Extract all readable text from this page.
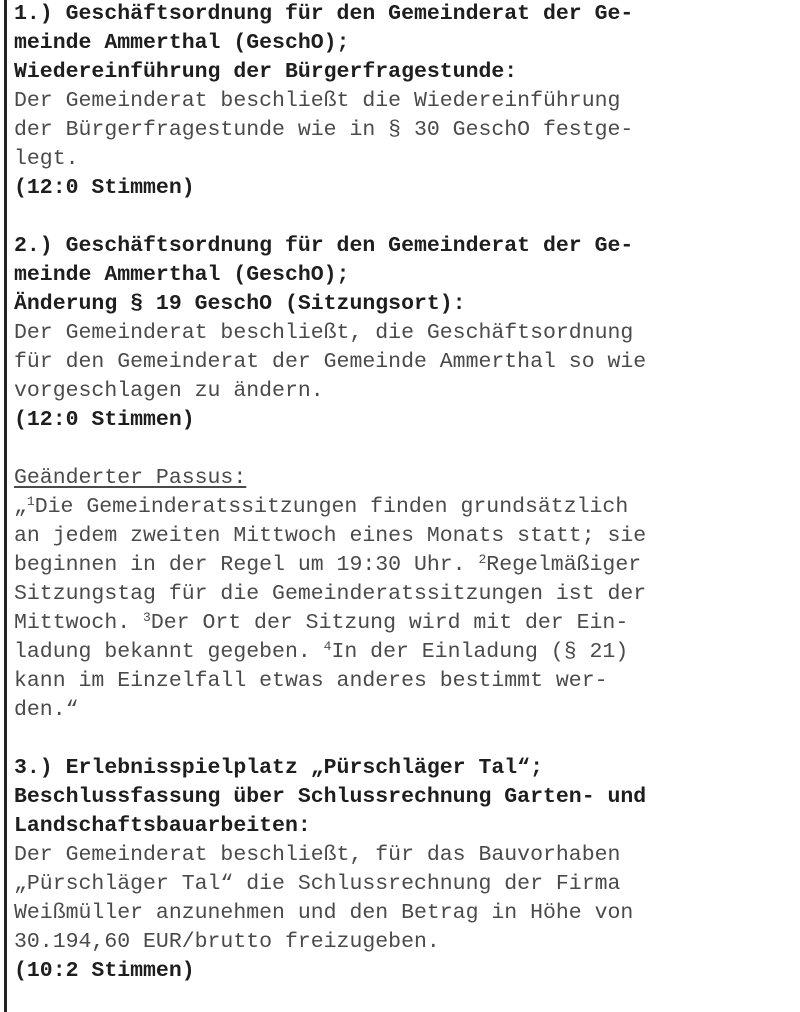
1.) Geschäftsordnung für den Gemeinderat der Ge-
meinde Ammerthal (GeschO);
Wiedereinführung der Bürgerfragestunde:
Der Gemeinderat beschließt die Wiedereinführung
der Bürgerfragestunde wie in § 30 GeschO festge-
legt.
(12:0 Stimmen)
2.) Geschäftsordnung für den Gemeinderat der Ge-
meinde Ammerthal (GeschO);
Änderung § 19 GeschO (Sitzungsort):
Der Gemeinderat beschließt, die Geschäftsordnung
für den Gemeinderat der Gemeinde Ammerthal so wie
vorgeschlagen zu ändern.
(12:0 Stimmen)
Geänderter Passus:
„$^1$Die Gemeinderatssitzungen finden grundsätzlich
an jedem zweiten Mittwoch eines Monats statt; sie
beginnen in der Regel um 19:30 Uhr. $^2$Regelmäßiger
Sitzungstag für die Gemeinderatssitzungen ist der
Mittwoch. $^3$Der Ort der Sitzung wird mit der Ein-
ladung bekannt gegeben. $^4$In der Einladung (§ 21)
kann im Einzelfall etwas anderes bestimmt wer-
den.“
3.) Erlebnisspielplatz „Pürschläger Tal“;
Beschlussfassung über Schlussrechnung Garten- und
Landschaftsbauarbeiten:
Der Gemeinderat beschließt, für das Bauvorhaben
„Pürschläger Tal“ die Schlussrechnung der Firma
Weißmüller anzunehmen und den Betrag in Höhe von
30.194,60 EUR/brutto freizugeben.
(10:2 Stimmen)
